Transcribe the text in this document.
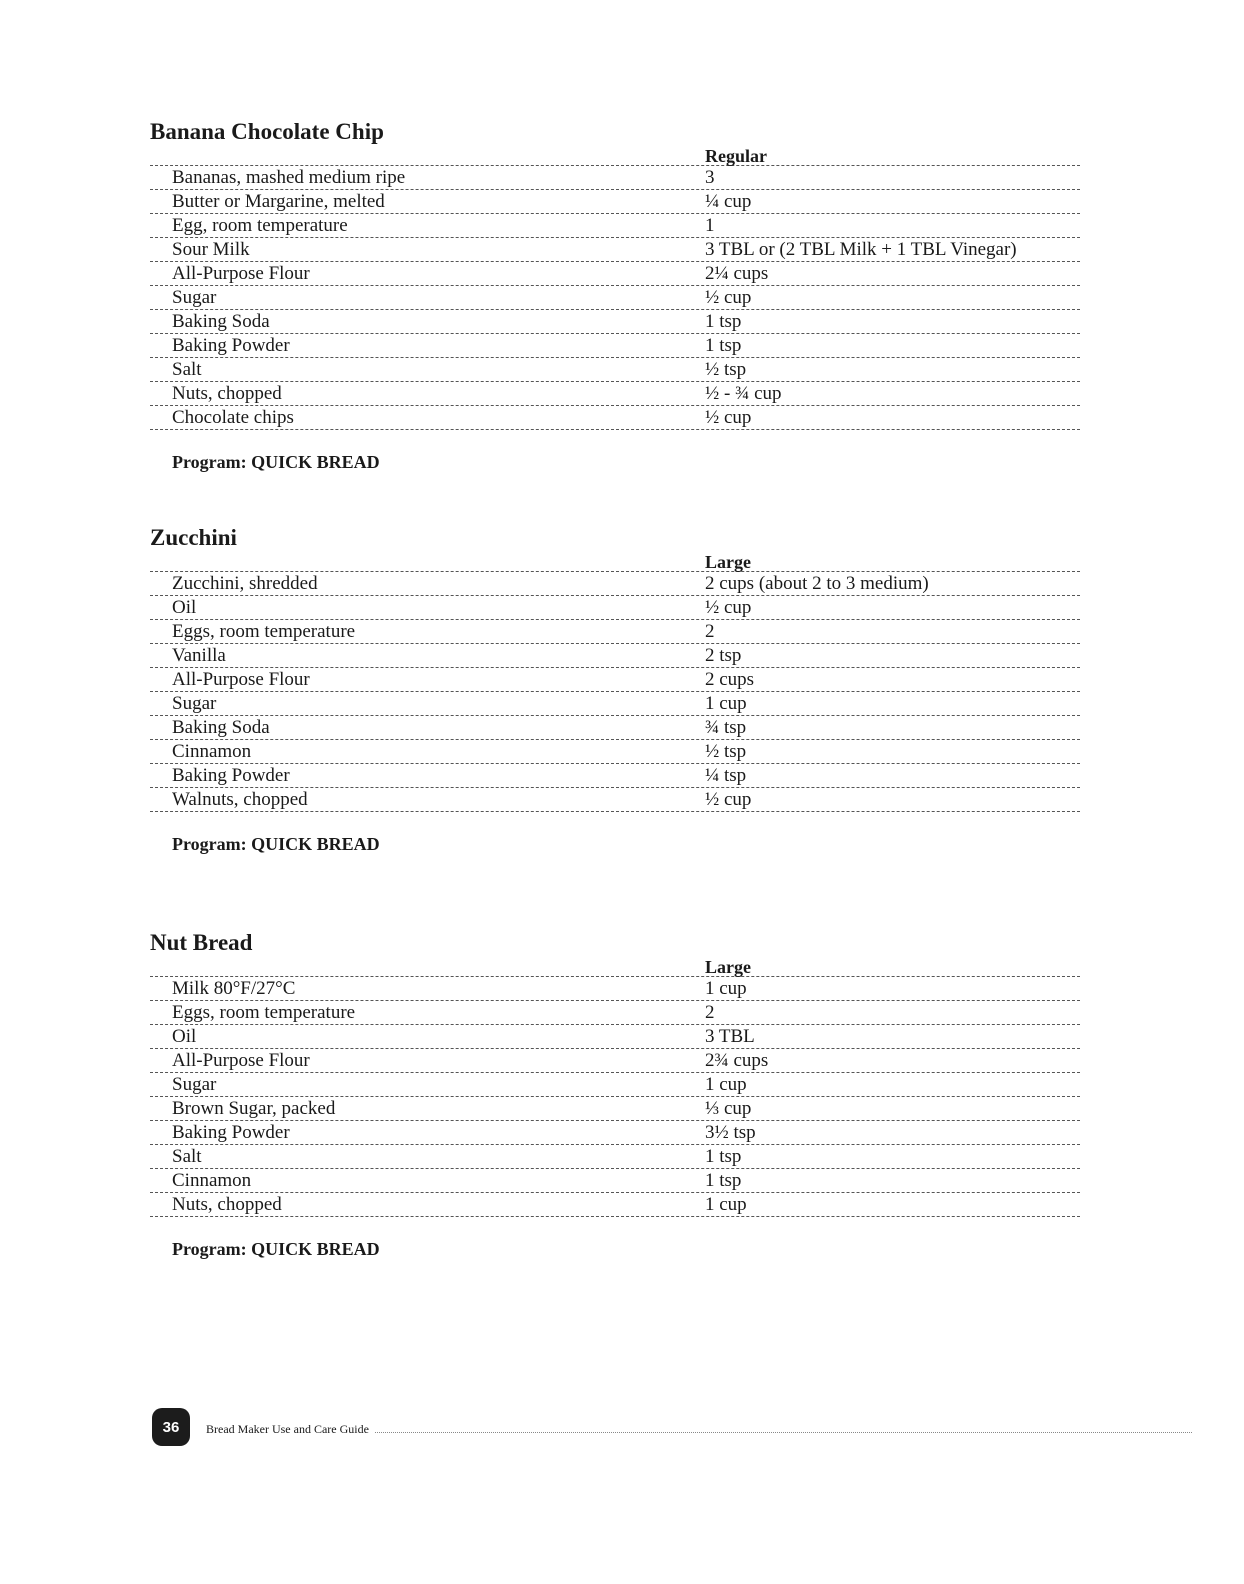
Banana Chocolate Chip
Regular
Bananas, mashed medium ripe	3
Butter or Margarine, melted	¼ cup
Egg, room temperature	1
Sour Milk	3 TBL or (2 TBL Milk + 1 TBL Vinegar)
All-Purpose Flour	2¼ cups
Sugar	½ cup
Baking Soda	1 tsp
Baking Powder	1 tsp
Salt	½ tsp
Nuts, chopped	½ - ¾ cup
Chocolate chips	½ cup
Program: QUICK BREAD
Zucchini
Large
Zucchini, shredded	2 cups (about 2 to 3 medium)
Oil	½ cup
Eggs, room temperature	2
Vanilla	2 tsp
All-Purpose Flour	2 cups
Sugar	1 cup
Baking Soda	¾ tsp
Cinnamon	½ tsp
Baking Powder	¼ tsp
Walnuts, chopped	½ cup
Program: QUICK BREAD
Nut Bread
Large
Milk 80°F/27°C	1 cup
Eggs, room temperature	2
Oil	3 TBL
All-Purpose Flour	2¾ cups
Sugar	1 cup
Brown Sugar, packed	⅓ cup
Baking Powder	3½ tsp
Salt	1 tsp
Cinnamon	1 tsp
Nuts, chopped	1 cup
Program: QUICK BREAD
36	Bread Maker Use and Care Guide
